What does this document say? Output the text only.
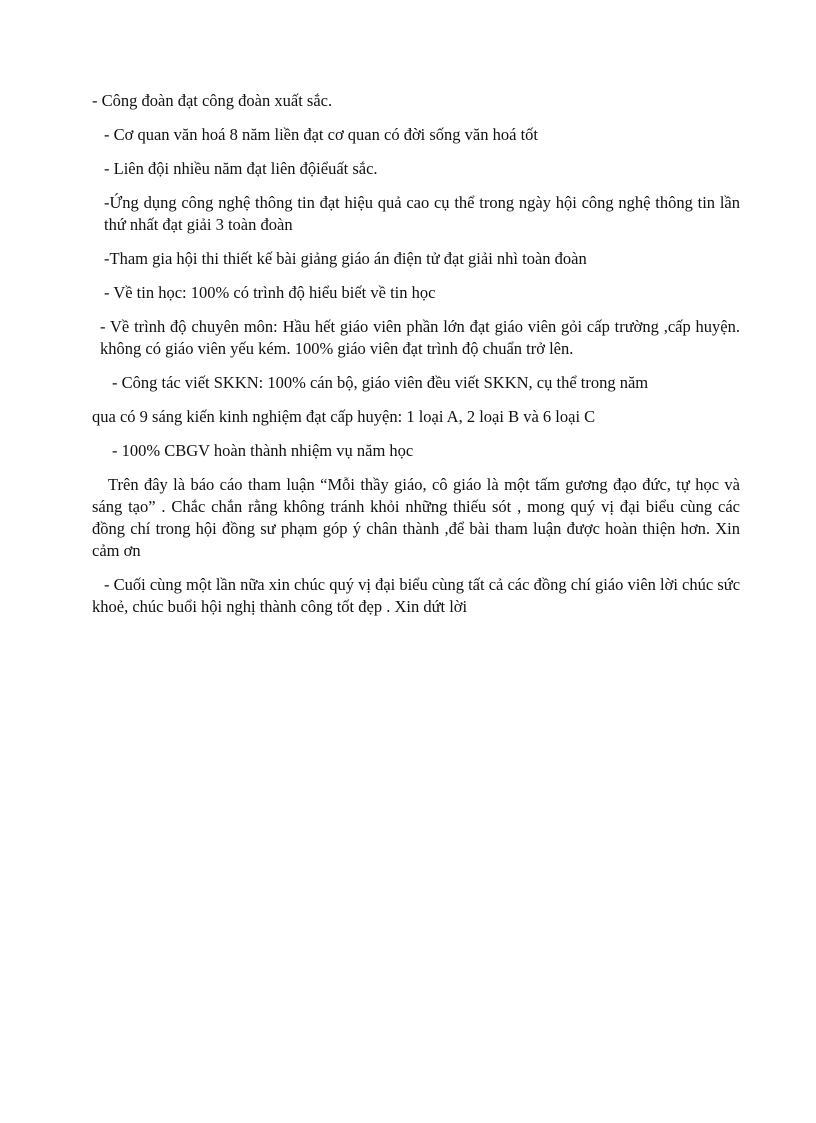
- Công đoàn đạt công đoàn xuất sắc.

- Cơ quan văn hoá 8 năm liền đạt cơ quan có đời sống văn hoá tốt

- Liên đội nhiều năm đạt liên độiểuất sắc.

-Ứng dụng công nghệ thông tin đạt hiệu quả cao cụ thể trong ngày hội công nghệ thông tin lần thứ nhất đạt giải 3 toàn đoàn

-Tham gia hội thi thiết kế bài giảng giáo án điện tử đạt giải nhì toàn đoàn

- Về tin học: 100% có trình độ hiểu biết về tin học

- Về trình độ chuyên môn: Hầu hết giáo viên phần lớn đạt giáo viên gỏi cấp trường ,cấp huyện. không có giáo viên yếu kém. 100% giáo viên đạt trình độ chuẩn trở lên.

- Công tác viết SKKN: 100% cán bộ, giáo viên đều viết SKKN, cụ thể trong năm

qua có 9 sáng kiến kinh nghiệm đạt cấp huyện: 1 loại A, 2 loại B và 6 loại C

- 100% CBGV hoàn thành nhiệm vụ năm học

Trên đây là báo cáo tham luận “Mỗi thầy giáo, cô giáo là một tấm gương đạo đức, tự học và sáng tạo” . Chắc chắn rằng không tránh khỏi những thiếu sót , mong quý vị đại biểu cùng các đồng chí trong hội đồng sư phạm góp ý chân thành ,để bài tham luận được hoàn thiện hơn. Xin cảm ơn

- Cuối cùng một lần nữa xin chúc quý vị đại biểu cùng tất cả các đồng chí giáo viên lời chúc sức khoẻ, chúc buổi hội nghị thành công tốt đẹp . Xin dứt lời
